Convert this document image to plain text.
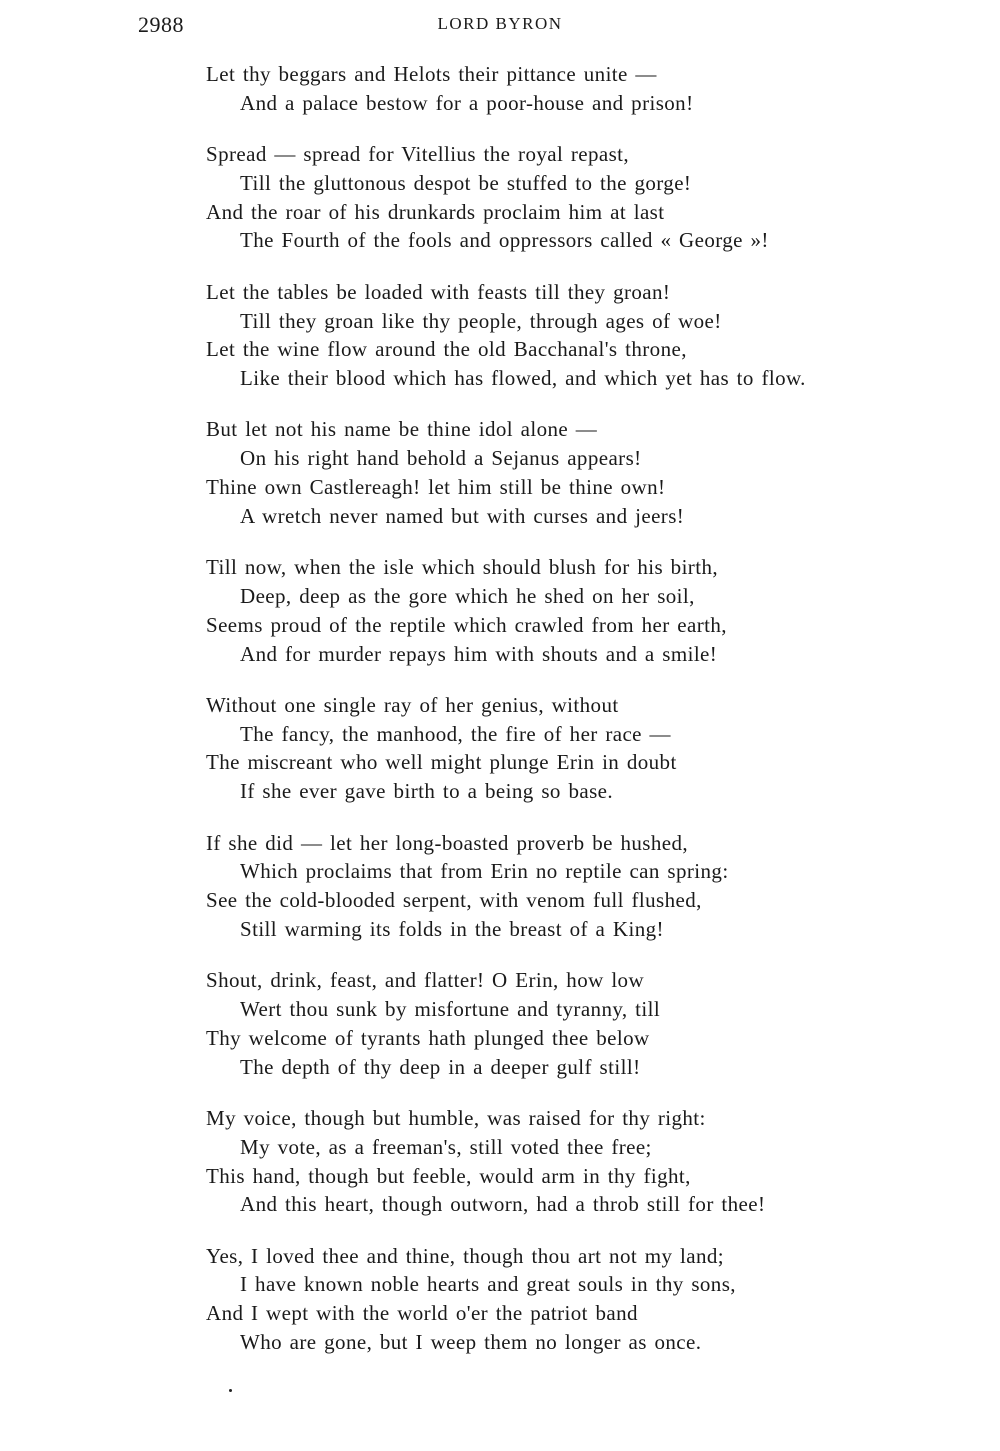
2988	LORD BYRON
Let thy beggars and Helots their pittance unite —
And a palace bestow for a poor-house and prison!
Spread — spread for Vitellius the royal repast,
Till the gluttonous despot be stuffed to the gorge!
And the roar of his drunkards proclaim him at last
The Fourth of the fools and oppressors called « George »!
Let the tables be loaded with feasts till they groan!
Till they groan like thy people, through ages of woe!
Let the wine flow around the old Bacchanal's throne,
Like their blood which has flowed, and which yet has to flow.
But let not his name be thine idol alone —
On his right hand behold a Sejanus appears!
Thine own Castlereagh! let him still be thine own!
A wretch never named but with curses and jeers!
Till now, when the isle which should blush for his birth,
Deep, deep as the gore which he shed on her soil,
Seems proud of the reptile which crawled from her earth,
And for murder repays him with shouts and a smile!
Without one single ray of her genius, without
The fancy, the manhood, the fire of her race —
The miscreant who well might plunge Erin in doubt
If she ever gave birth to a being so base.
If she did — let her long-boasted proverb be hushed,
Which proclaims that from Erin no reptile can spring:
See the cold-blooded serpent, with venom full flushed,
Still warming its folds in the breast of a King!
Shout, drink, feast, and flatter! O Erin, how low
Wert thou sunk by misfortune and tyranny, till
Thy welcome of tyrants hath plunged thee below
The depth of thy deep in a deeper gulf still!
My voice, though but humble, was raised for thy right:
My vote, as a freeman's, still voted thee free;
This hand, though but feeble, would arm in thy fight,
And this heart, though outworn, had a throb still for thee!
Yes, I loved thee and thine, though thou art not my land;
I have known noble hearts and great souls in thy sons,
And I wept with the world o'er the patriot band
Who are gone, but I weep them no longer as once.
